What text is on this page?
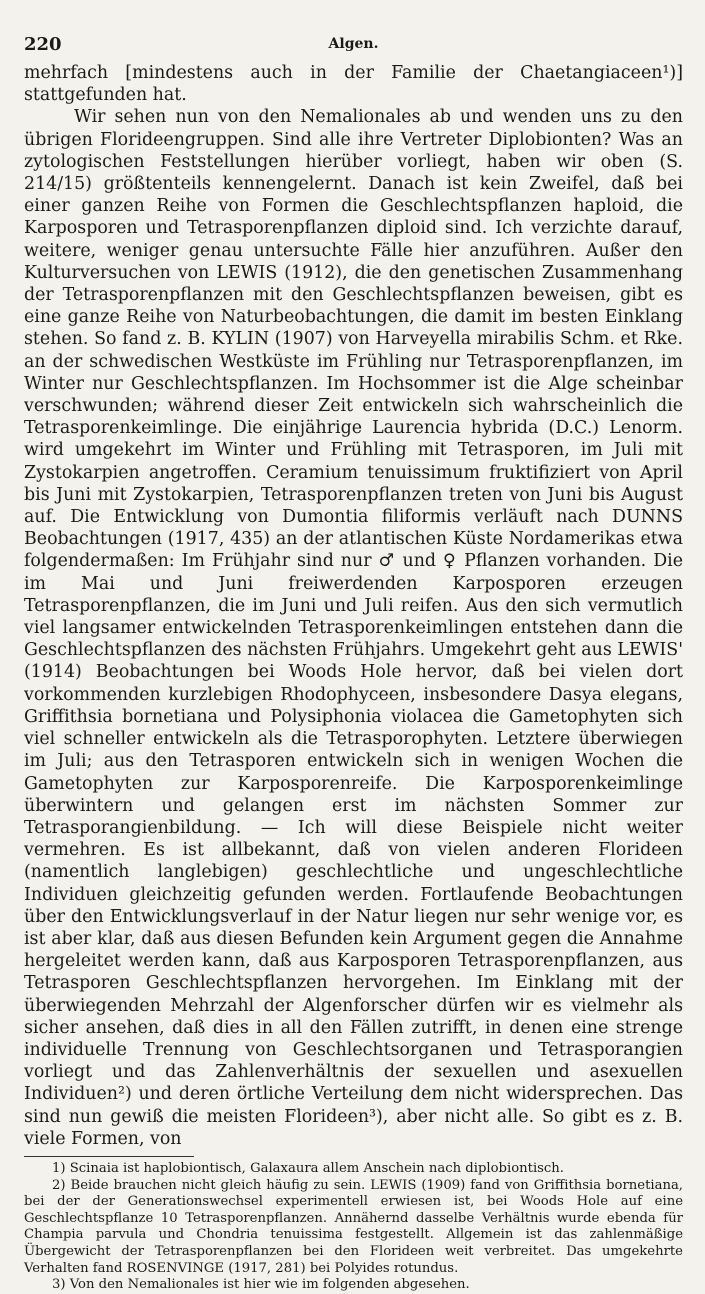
220	Algen.

mehrfach [mindestens auch in der Familie der Chaetangiaceen¹)] stattgefunden hat.

Wir sehen nun von den Nemalionales ab und wenden uns zu den übrigen Florideengruppen. Sind alle ihre Vertreter Diplobionten? Was an zytologischen Feststellungen hierüber vorliegt, haben wir oben (S. 214/15) größtenteils kennengelernt. Danach ist kein Zweifel, daß bei einer ganzen Reihe von Formen die Geschlechtspflanzen haploid, die Karposporen und Tetrasporenpflanzen diploid sind. Ich verzichte darauf, weitere, weniger genau untersuchte Fälle hier anzuführen. Außer den Kulturversuchen von LEWIS (1912), die den genetischen Zusammenhang der Tetrasporenpflanzen mit den Geschlechtspflanzen beweisen, gibt es eine ganze Reihe von Naturbeobachtungen, die damit im besten Einklang stehen. So fand z. B. KYLIN (1907) von Harveyella mirabilis Schm. et Rke. an der schwedischen Westküste im Frühling nur Tetrasporenpflanzen, im Winter nur Geschlechtspflanzen. Im Hochsommer ist die Alge scheinbar verschwunden; während dieser Zeit entwickeln sich wahrscheinlich die Tetrasporenkeimlinge. Die einjährige Laurencia hybrida (D.C.) Lenorm. wird umgekehrt im Winter und Frühling mit Tetrasporen, im Juli mit Zystokarpien angetroffen. Ceramium tenuissimum fruktifiziert von April bis Juni mit Zystokarpien, Tetrasporenpflanzen treten von Juni bis August auf. Die Entwicklung von Dumontia filiformis verläuft nach DUNNS Beobachtungen (1917, 435) an der atlantischen Küste Nordamerikas etwa folgendermaßen: Im Frühjahr sind nur ♂ und ♀ Pflanzen vorhanden. Die im Mai und Juni freiwerdenden Karposporen erzeugen Tetrasporenpflanzen, die im Juni und Juli reifen. Aus den sich vermutlich viel langsamer entwickelnden Tetrasporenkeimlingen entstehen dann die Geschlechtspflanzen des nächsten Frühjahrs. Umgekehrt geht aus LEWIS' (1914) Beobachtungen bei Woods Hole hervor, daß bei vielen dort vorkommenden kurzlebigen Rhodophyceen, insbesondere Dasya elegans, Griffithsia bornetiana und Polysiphonia violacea die Gametophyten sich viel schneller entwickeln als die Tetrasporophyten. Letztere überwiegen im Juli; aus den Tetrasporen entwickeln sich in wenigen Wochen die Gametophyten zur Karposporenreife. Die Karposporenkeimlinge überwintern und gelangen erst im nächsten Sommer zur Tetrasporangienbildung. — Ich will diese Beispiele nicht weiter vermehren. Es ist allbekannt, daß von vielen anderen Florideen (namentlich langlebigen) geschlechtliche und ungeschlechtliche Individuen gleichzeitig gefunden werden. Fortlaufende Beobachtungen über den Entwicklungsverlauf in der Natur liegen nur sehr wenige vor, es ist aber klar, daß aus diesen Befunden kein Argument gegen die Annahme hergeleitet werden kann, daß aus Karposporen Tetrasporenpflanzen, aus Tetrasporen Geschlechtspflanzen hervorgehen. Im Einklang mit der überwiegenden Mehrzahl der Algenforscher dürfen wir es vielmehr als sicher ansehen, daß dies in all den Fällen zutrifft, in denen eine strenge individuelle Trennung von Geschlechtsorganen und Tetrasporangien vorliegt und das Zahlenverhältnis der sexuellen und asexuellen Individuen²) und deren örtliche Verteilung dem nicht widersprechen. Das sind nun gewiß die meisten Florideen³), aber nicht alle. So gibt es z. B. viele Formen, von

1) Scinaia ist haplobiontisch, Galaxaura allem Anschein nach diplobiontisch.

2) Beide brauchen nicht gleich häufig zu sein. LEWIS (1909) fand von Griffithsia bornetiana, bei der der Generationswechsel experimentell erwiesen ist, bei Woods Hole auf eine Geschlechtspflanze 10 Tetrasporenpflanzen. Annähernd dasselbe Verhältnis wurde ebenda für Champia parvula und Chondria tenuissima festgestellt. Allgemein ist das zahlenmäßige Übergewicht der Tetrasporenpflanzen bei den Florideen weit verbreitet. Das umgekehrte Verhalten fand ROSENVINGE (1917, 281) bei Polyides rotundus.

3) Von den Nemalionales ist hier wie im folgenden abgesehen.
